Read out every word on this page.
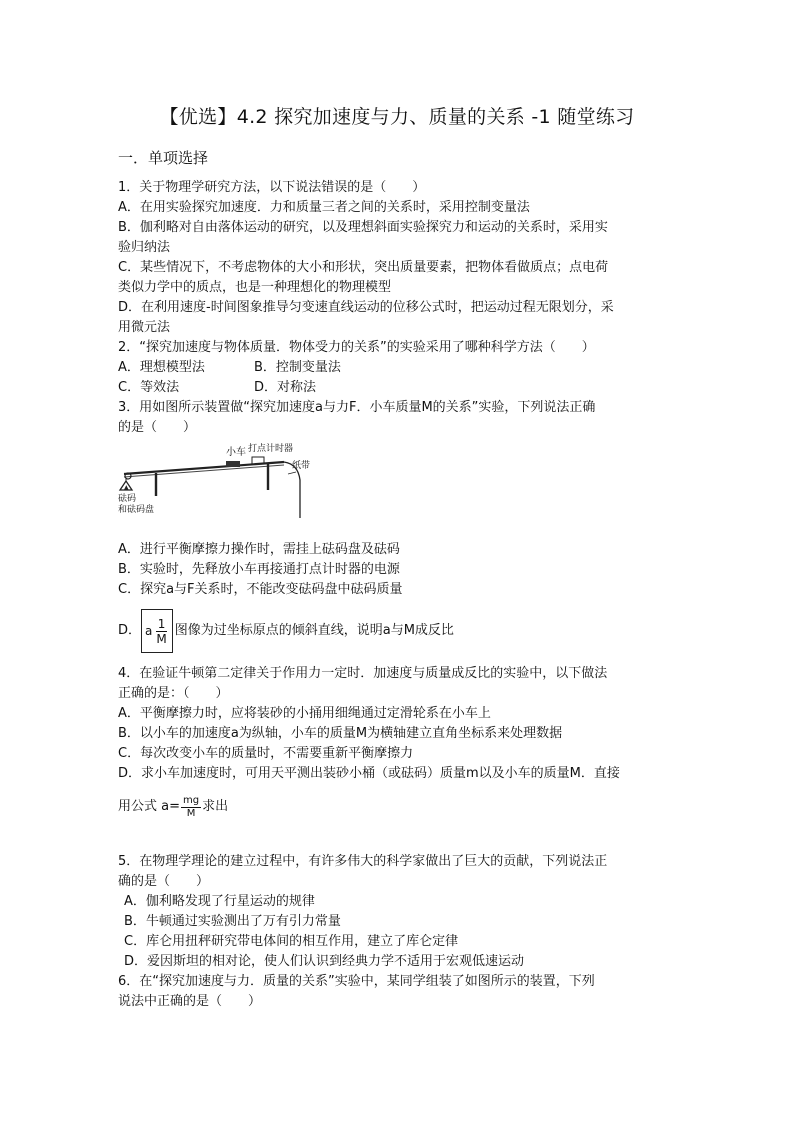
【优选】4.2 探究加速度与力、质量的关系 -1 随堂练习
一．单项选择
1．关于物理学研究方法，以下说法错误的是（　　）
A．在用实验探究加速度．力和质量三者之间的关系时，采用控制变量法
B．伽利略对自由落体运动的研究，以及理想斜面实验探究力和运动的关系时，采用实
验归纳法
C．某些情况下，不考虑物体的大小和形状，突出质量要素，把物体看做质点；点电荷
类似力学中的质点，也是一种理想化的物理模型
D．在利用速度-时间图象推导匀变速直线运动的位移公式时，把运动过程无限划分，采
用微元法
2．“探究加速度与物体质量．物体受力的关系”的实验采用了哪种科学方法（　　）
A．理想模型法	B．控制变量法
C．等效法	D．对称法
3．用如图所示装置做“探究加速度a与力F．小车质量M的关系”实验，下列说法正确
的是（　　）
▲
小车 打点计时器
纸带
砝码
和砝码盘
A．进行平衡摩擦力操作时，需挂上砝码盘及砝码
B．实验时，先释放小车再接通打点计时器的电源
C．探究a与F关系时，不能改变砝码盘中砝码质量
D． a $\frac{1}{M}$ 图像为过坐标原点的倾斜直线，说明a与M成反比
4．在验证牛顿第二定律关于作用力一定时．加速度与质量成反比的实验中，以下做法
正确的是：（　　）
A．平衡摩擦力时，应将装砂的小捅用细绳通过定滑轮系在小车上
B．以小车的加速度a为纵轴，小车的质量M为横轴建立直角坐标系来处理数据
C．每次改变小车的质量时，不需要重新平衡摩擦力
D．求小车加速度时，可用天平测出装砂小桶（或砝码）质量m以及小车的质量M．直接
用公式 $a= \frac{mg}{M}$ 求出
5．在物理学理论的建立过程中，有许多伟大的科学家做出了巨大的贡献，下列说法正
确的是（　　）
A．伽利略发现了行星运动的规律
B．牛顿通过实验测出了万有引力常量
C．库仑用扭秤研究带电体间的相互作用，建立了库仑定律
D．爱因斯坦的相对论，使人们认识到经典力学不适用于宏观低速运动
6．在“探究加速度与力．质量的关系”实验中，某同学组装了如图所示的装置，下列
说法中正确的是（　　）
